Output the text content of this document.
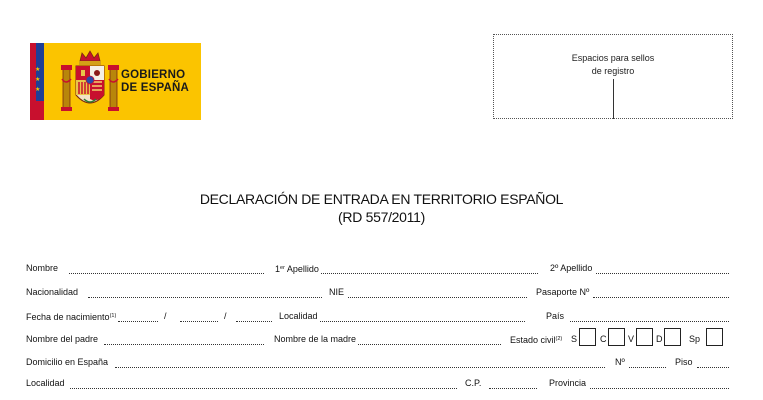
★
★
★
GOBIERNO
DE ESPAÑA
Espacios para sellos
de registro
DECLARACIÓN DE ENTRADA EN TERRITORIO ESPAÑOL
(RD 557/2011)
Nombre	1er Apellido	2º Apellido
Nacionalidad	NIE	Pasaporte Nº
Fecha de nacimiento$^{(1)}$	/	/	Localidad	País
Nombre del padre	Nombre de la madre	Estado civil$^{(2)}$ S	C V D	Sp
Domicilio en España	Nº	Piso
Localidad	C.P.	Provincia
